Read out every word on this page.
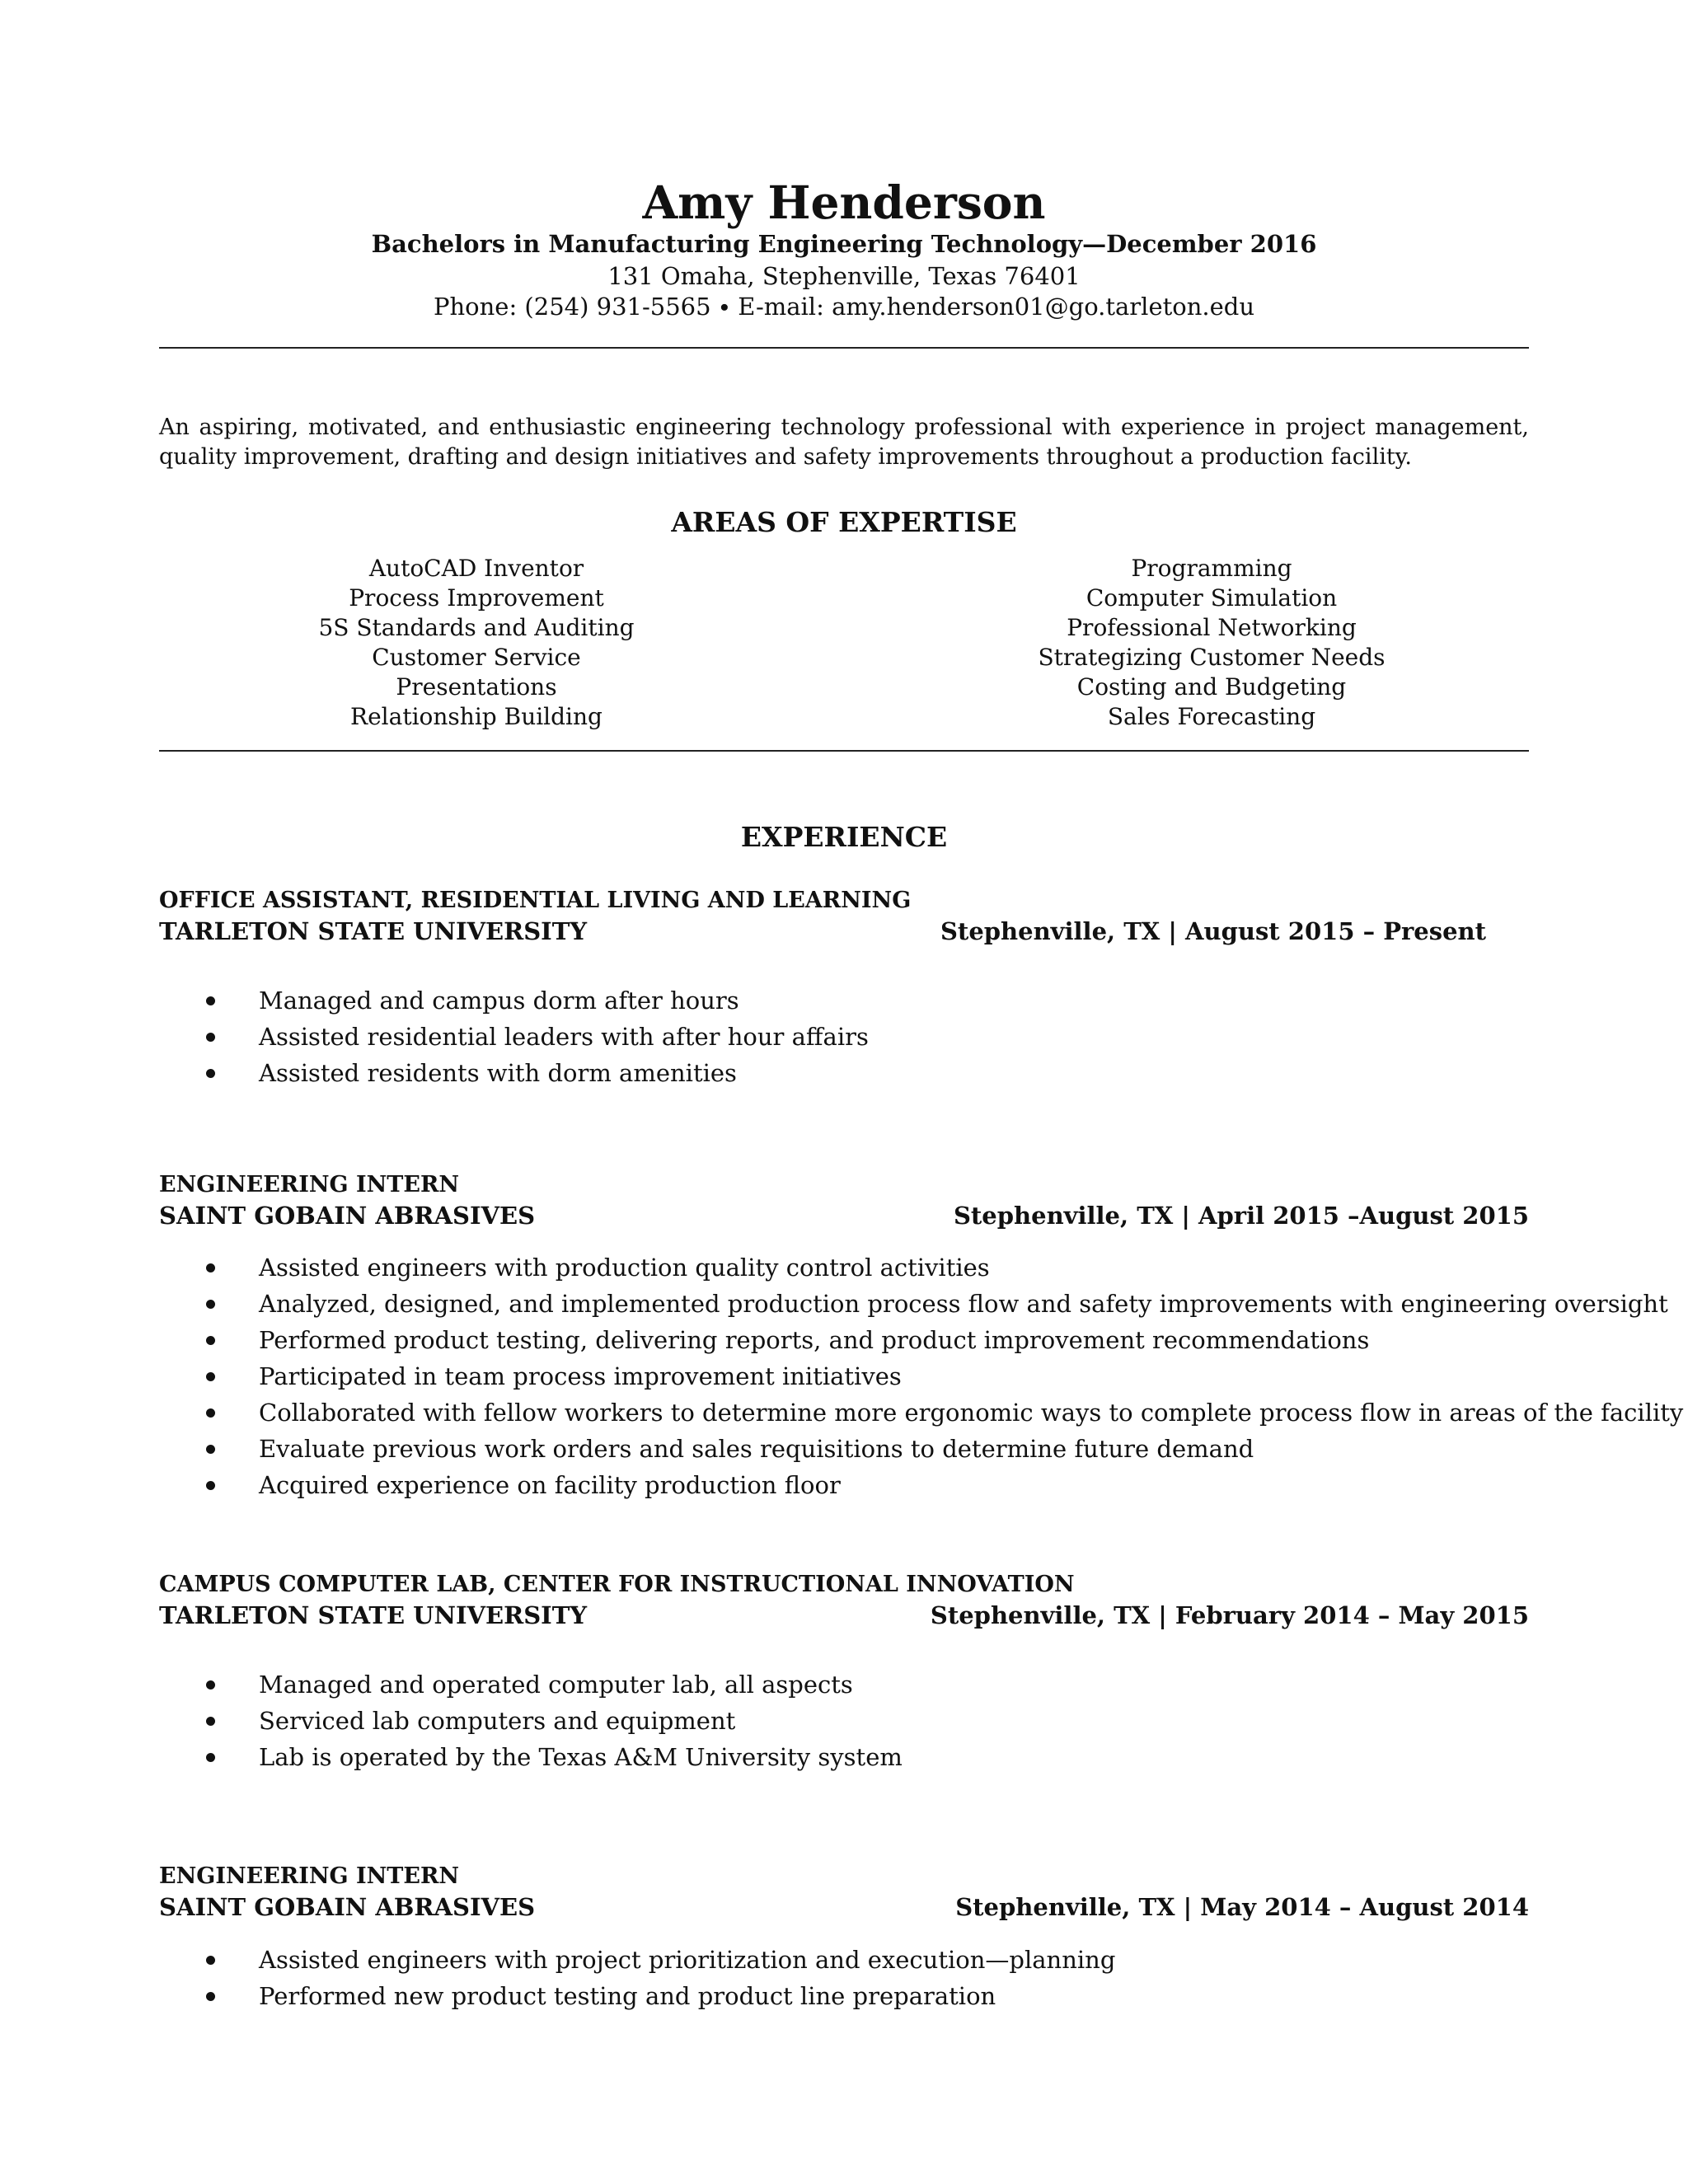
Amy Henderson
Bachelors in Manufacturing Engineering Technology—December 2016
131 Omaha, Stephenville, Texas 76401
Phone: (254) 931-5565 ∙ E-mail: amy.henderson01@go.tarleton.edu
An aspiring, motivated, and enthusiastic engineering technology professional with experience in project management, quality improvement, drafting and design initiatives and safety improvements throughout a production facility.
AREAS OF EXPERTISE
AutoCAD Inventor
Process Improvement
5S Standards and Auditing
Customer Service
Presentations
Relationship Building
Programming
Computer Simulation
Professional Networking
Strategizing Customer Needs
Costing and Budgeting
Sales Forecasting
EXPERIENCE
OFFICE ASSISTANT, RESIDENTIAL LIVING AND LEARNING
TARLETON STATE UNIVERSITY	Stephenville, TX | August 2015 – Present
Managed and campus dorm after hours
Assisted residential leaders with after hour affairs
Assisted residents with dorm amenities
ENGINEERING INTERN
SAINT GOBAIN ABRASIVES	Stephenville, TX | April 2015 –August 2015
Assisted engineers with production quality control activities
Analyzed, designed, and implemented production process flow and safety improvements with engineering oversight
Performed product testing, delivering reports, and product improvement recommendations
Participated in team process improvement initiatives
Collaborated with fellow workers to determine more ergonomic ways to complete process flow in areas of the facility
Evaluate previous work orders and sales requisitions to determine future demand
Acquired experience on facility production floor
CAMPUS COMPUTER LAB, CENTER FOR INSTRUCTIONAL INNOVATION
TARLETON STATE UNIVERSITY	Stephenville, TX | February 2014 – May 2015
Managed and operated computer lab, all aspects
Serviced lab computers and equipment
Lab is operated by the Texas A&M University system
ENGINEERING INTERN
SAINT GOBAIN ABRASIVES	Stephenville, TX | May 2014 – August 2014
Assisted engineers with project prioritization and execution—planning
Performed new product testing and product line preparation
